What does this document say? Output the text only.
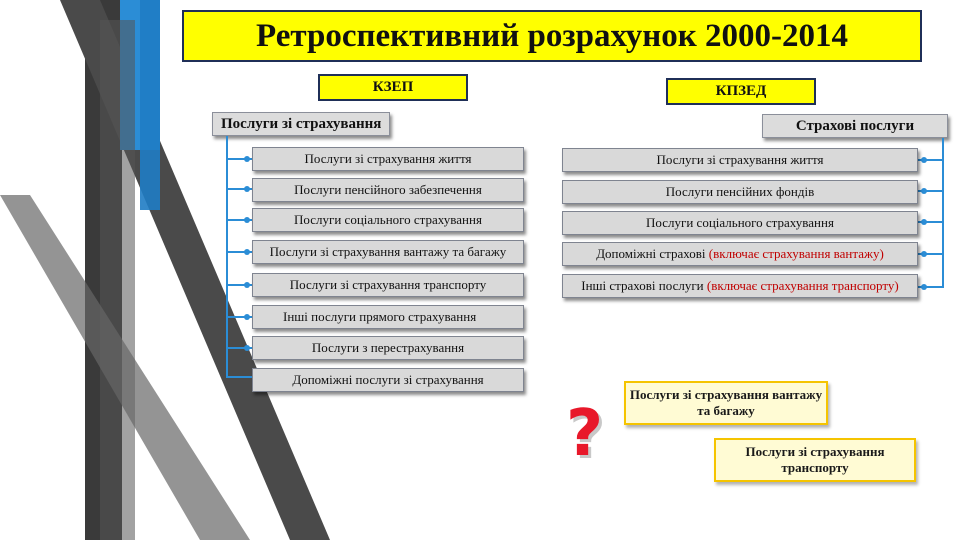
Ретроспективний розрахунок 2000-2014
КЗЕП	КПЗЕД
Послуги зі страхування	Страхові послуги
Послуги зі страхування життя
Послуги пенсійного забезпечення
Послуги соціального страхування
Послуги зі страхування вантажу та багажу
Послуги зі страхування транспорту
Інші послуги прямого страхування
Послуги з перестрахування
Допоміжні послуги зі страхування
Послуги зі страхування життя
Послуги пенсійних фондів
Послуги соціального страхування
Допоміжні страхові (включає страхування вантажу)
Інші страхові послуги (включає страхування транспорту)
?
Послуги зі страхування вантажу та багажу
Послуги зі страхування транспорту
